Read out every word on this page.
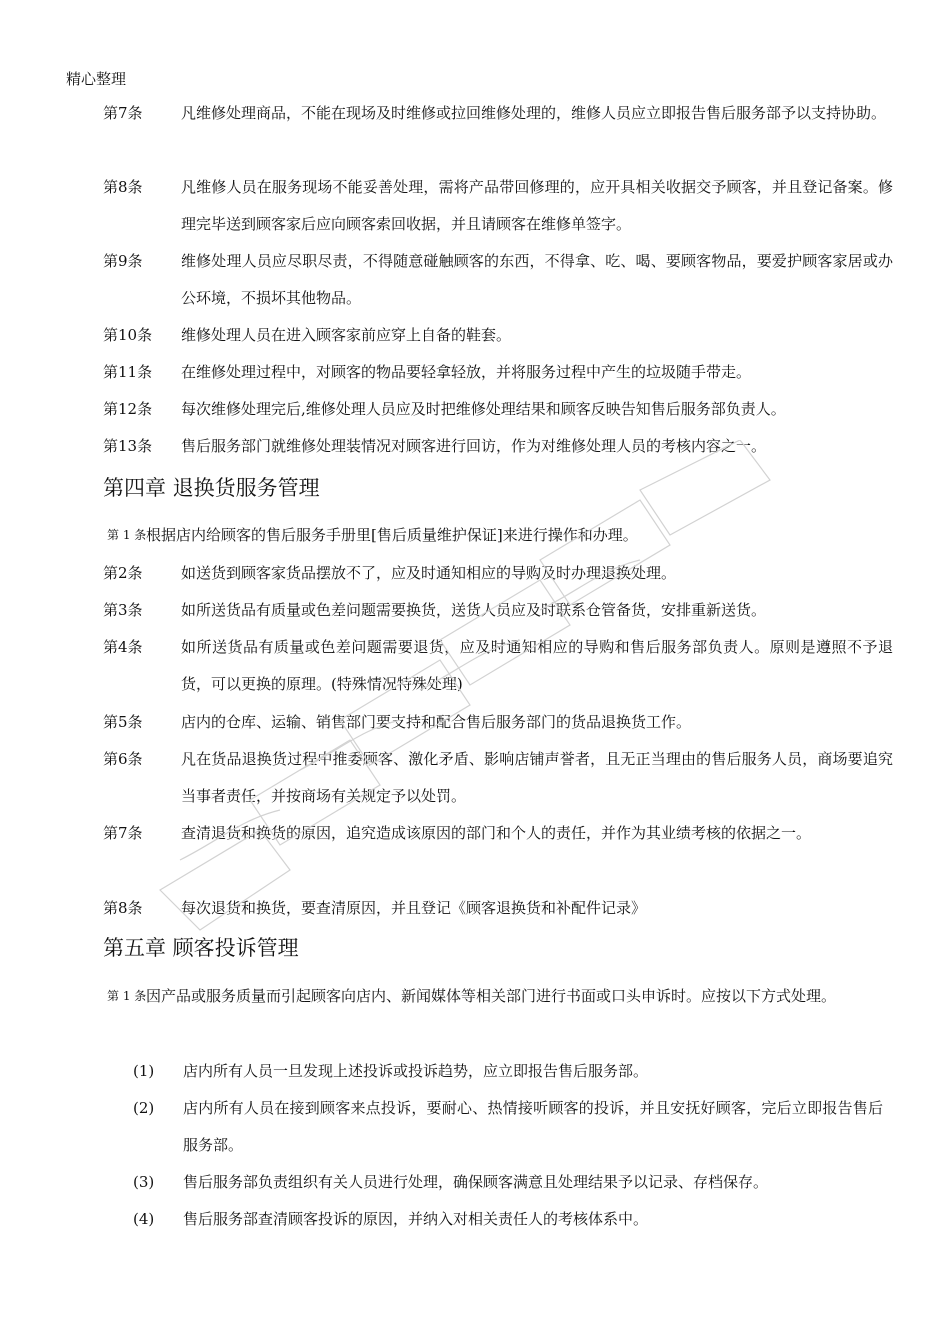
精心整理
第7条	凡维修处理商品，不能在现场及时维修或拉回维修处理的，维修人员应立即报告售后服务部予以支持协助。
第8条	凡维修人员在服务现场不能妥善处理，需将产品带回修理的，应开具相关收据交予顾客，并且登记备案。修理完毕送到顾客家后应向顾客索回收据，并且请顾客在维修单签字。
第9条	维修处理人员应尽职尽责，不得随意碰触顾客的东西，不得拿、吃、喝、要顾客物品，要爱护顾客家居或办公环境，不损坏其他物品。
第10条 维修处理人员在进入顾客家前应穿上自备的鞋套。
第11条 在维修处理过程中，对顾客的物品要轻拿轻放，并将服务过程中产生的垃圾随手带走。
第12条 每次维修处理完后,维修处理人员应及时把维修处理结果和顾客反映告知售后服务部负责人。
第13条 售后服务部门就维修处理装情况对顾客进行回访，作为对维修处理人员的考核内容之一。
第四章 退换货服务管理
第 1 条 根据店内给顾客的售后服务手册里[售后质量维护保证]来进行操作和办理。
第2条	如送货到顾客家货品摆放不了，应及时通知相应的导购及时办理退换处理。
第3条	如所送货品有质量或色差问题需要换货，送货人员应及时联系仓管备货，安排重新送货。
第4条	如所送货品有质量或色差问题需要退货，应及时通知相应的导购和售后服务部负责人。原则是遵照不予退货，可以更换的原理。(特殊情况特殊处理)
第5条	店内的仓库、运输、销售部门要支持和配合售后服务部门的货品退换货工作。
第6条	凡在货品退换货过程中推委顾客、激化矛盾、影响店铺声誉者，且无正当理由的售后服务人员，商场要追究当事者责任，并按商场有关规定予以处罚。
第7条	查清退货和换货的原因，追究造成该原因的部门和个人的责任，并作为其业绩考核的依据之一。
第8条	每次退货和换货，要查清原因，并且登记《顾客退换货和补配件记录》
第五章 顾客投诉管理
第 1 条 因产品或服务质量而引起顾客向店内、新闻媒体等相关部门进行书面或口头申诉时。应按以下方式处理。
(1) 店内所有人员一旦发现上述投诉或投诉趋势，应立即报告售后服务部。
(2) 店内所有人员在接到顾客来点投诉，要耐心、热情接听顾客的投诉，并且安抚好顾客，完后立即报告售后服务部。
(3) 售后服务部负责组织有关人员进行处理，确保顾客满意且处理结果予以记录、存档保存。
(4) 售后服务部查清顾客投诉的原因，并纳入对相关责任人的考核体系中。
